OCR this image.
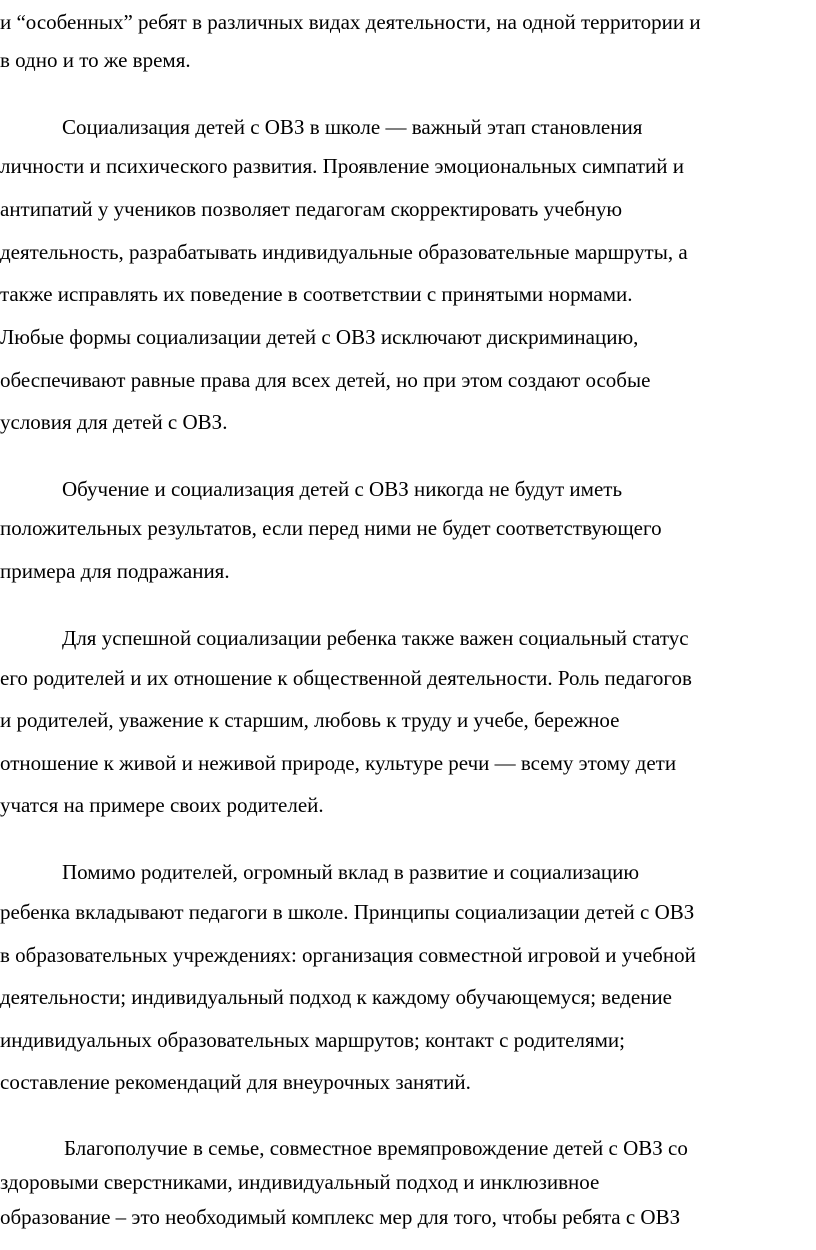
и “особенных” ребят в различных видах деятельности, на одной территории и
в одно и то же время.
Социализация детей с ОВЗ в школе — важный этап становления
личности и психического развития. Проявление эмоциональных симпатий и
антипатий у учеников позволяет педагогам скорректировать учебную
деятельность, разрабатывать индивидуальные образовательные маршруты, а
также исправлять их поведение в соответствии с принятыми нормами.
Любые формы социализации детей с ОВЗ исключают дискриминацию,
обеспечивают равные права для всех детей, но при этом создают особые
условия для детей с ОВЗ.
Обучение и социализация детей с ОВЗ никогда не будут иметь
положительных результатов, если перед ними не будет соответствующего
примера для подражания.
Для успешной социализации ребенка также важен социальный статус
его родителей и их отношение к общественной деятельности. Роль педагогов
и родителей, уважение к старшим, любовь к труду и учебе, бережное
отношение к живой и неживой природе, культуре речи — всему этому дети
учатся на примере своих родителей.
Помимо родителей, огромный вклад в развитие и социализацию
ребенка вкладывают педагоги в школе. Принципы социализации детей с ОВЗ
в образовательных учреждениях: организация совместной игровой и учебной
деятельности; индивидуальный подход к каждому обучающемуся; ведение
индивидуальных образовательных маршрутов; контакт с родителями;
составление рекомендаций для внеурочных занятий.
Благополучие в семье, совместное времяпровождение детей с ОВЗ со
здоровыми сверстниками, индивидуальный подход и инклюзивное
образование – это необходимый комплекс мер для того, чтобы ребята с ОВЗ
